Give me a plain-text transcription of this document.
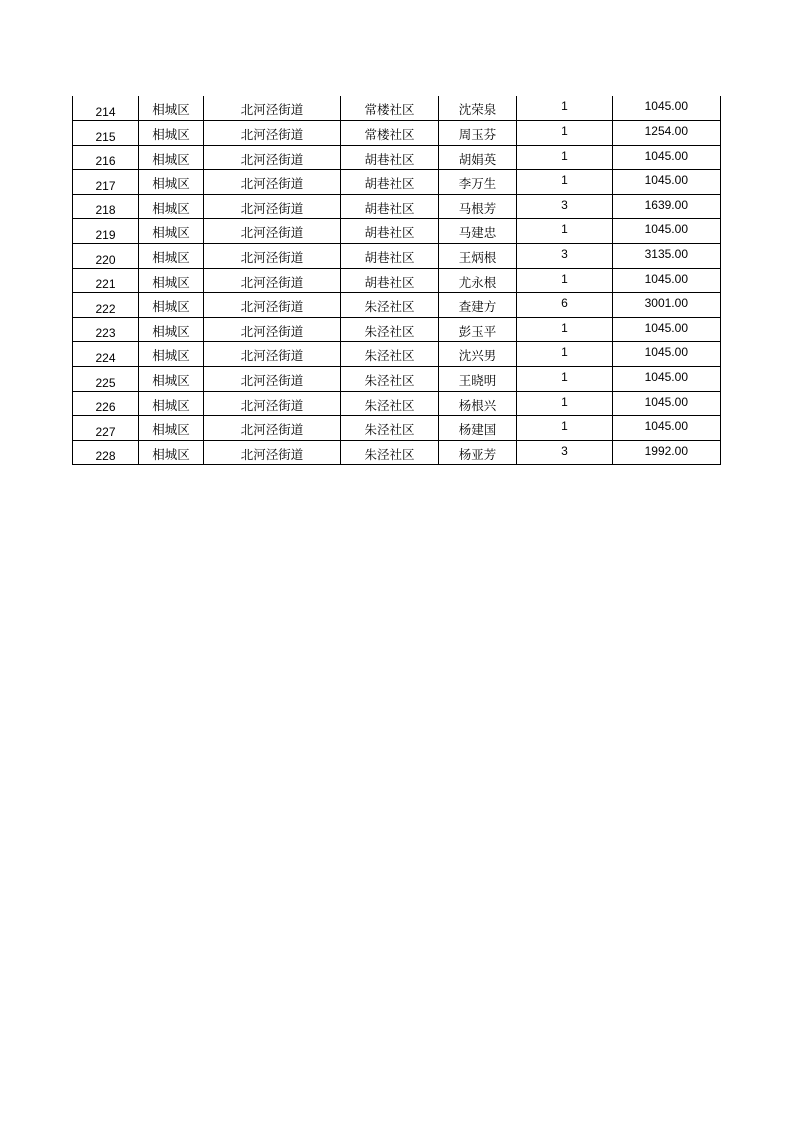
214	相城区	北河泾街道	常楼社区	沈荣泉	1	1045.00
215	相城区	北河泾街道	常楼社区	周玉芬	1	1254.00
216	相城区	北河泾街道	胡巷社区	胡娟英	1	1045.00
217	相城区	北河泾街道	胡巷社区	李万生	1	1045.00
218	相城区	北河泾街道	胡巷社区	马根芳	3	1639.00
219	相城区	北河泾街道	胡巷社区	马建忠	1	1045.00
220	相城区	北河泾街道	胡巷社区	王炳根	3	3135.00
221	相城区	北河泾街道	胡巷社区	尤永根	1	1045.00
222	相城区	北河泾街道	朱泾社区	查建方	6	3001.00
223	相城区	北河泾街道	朱泾社区	彭玉平	1	1045.00
224	相城区	北河泾街道	朱泾社区	沈兴男	1	1045.00
225	相城区	北河泾街道	朱泾社区	王晓明	1	1045.00
226	相城区	北河泾街道	朱泾社区	杨根兴	1	1045.00
227	相城区	北河泾街道	朱泾社区	杨建国	1	1045.00
228	相城区	北河泾街道	朱泾社区	杨亚芳	3	1992.00
